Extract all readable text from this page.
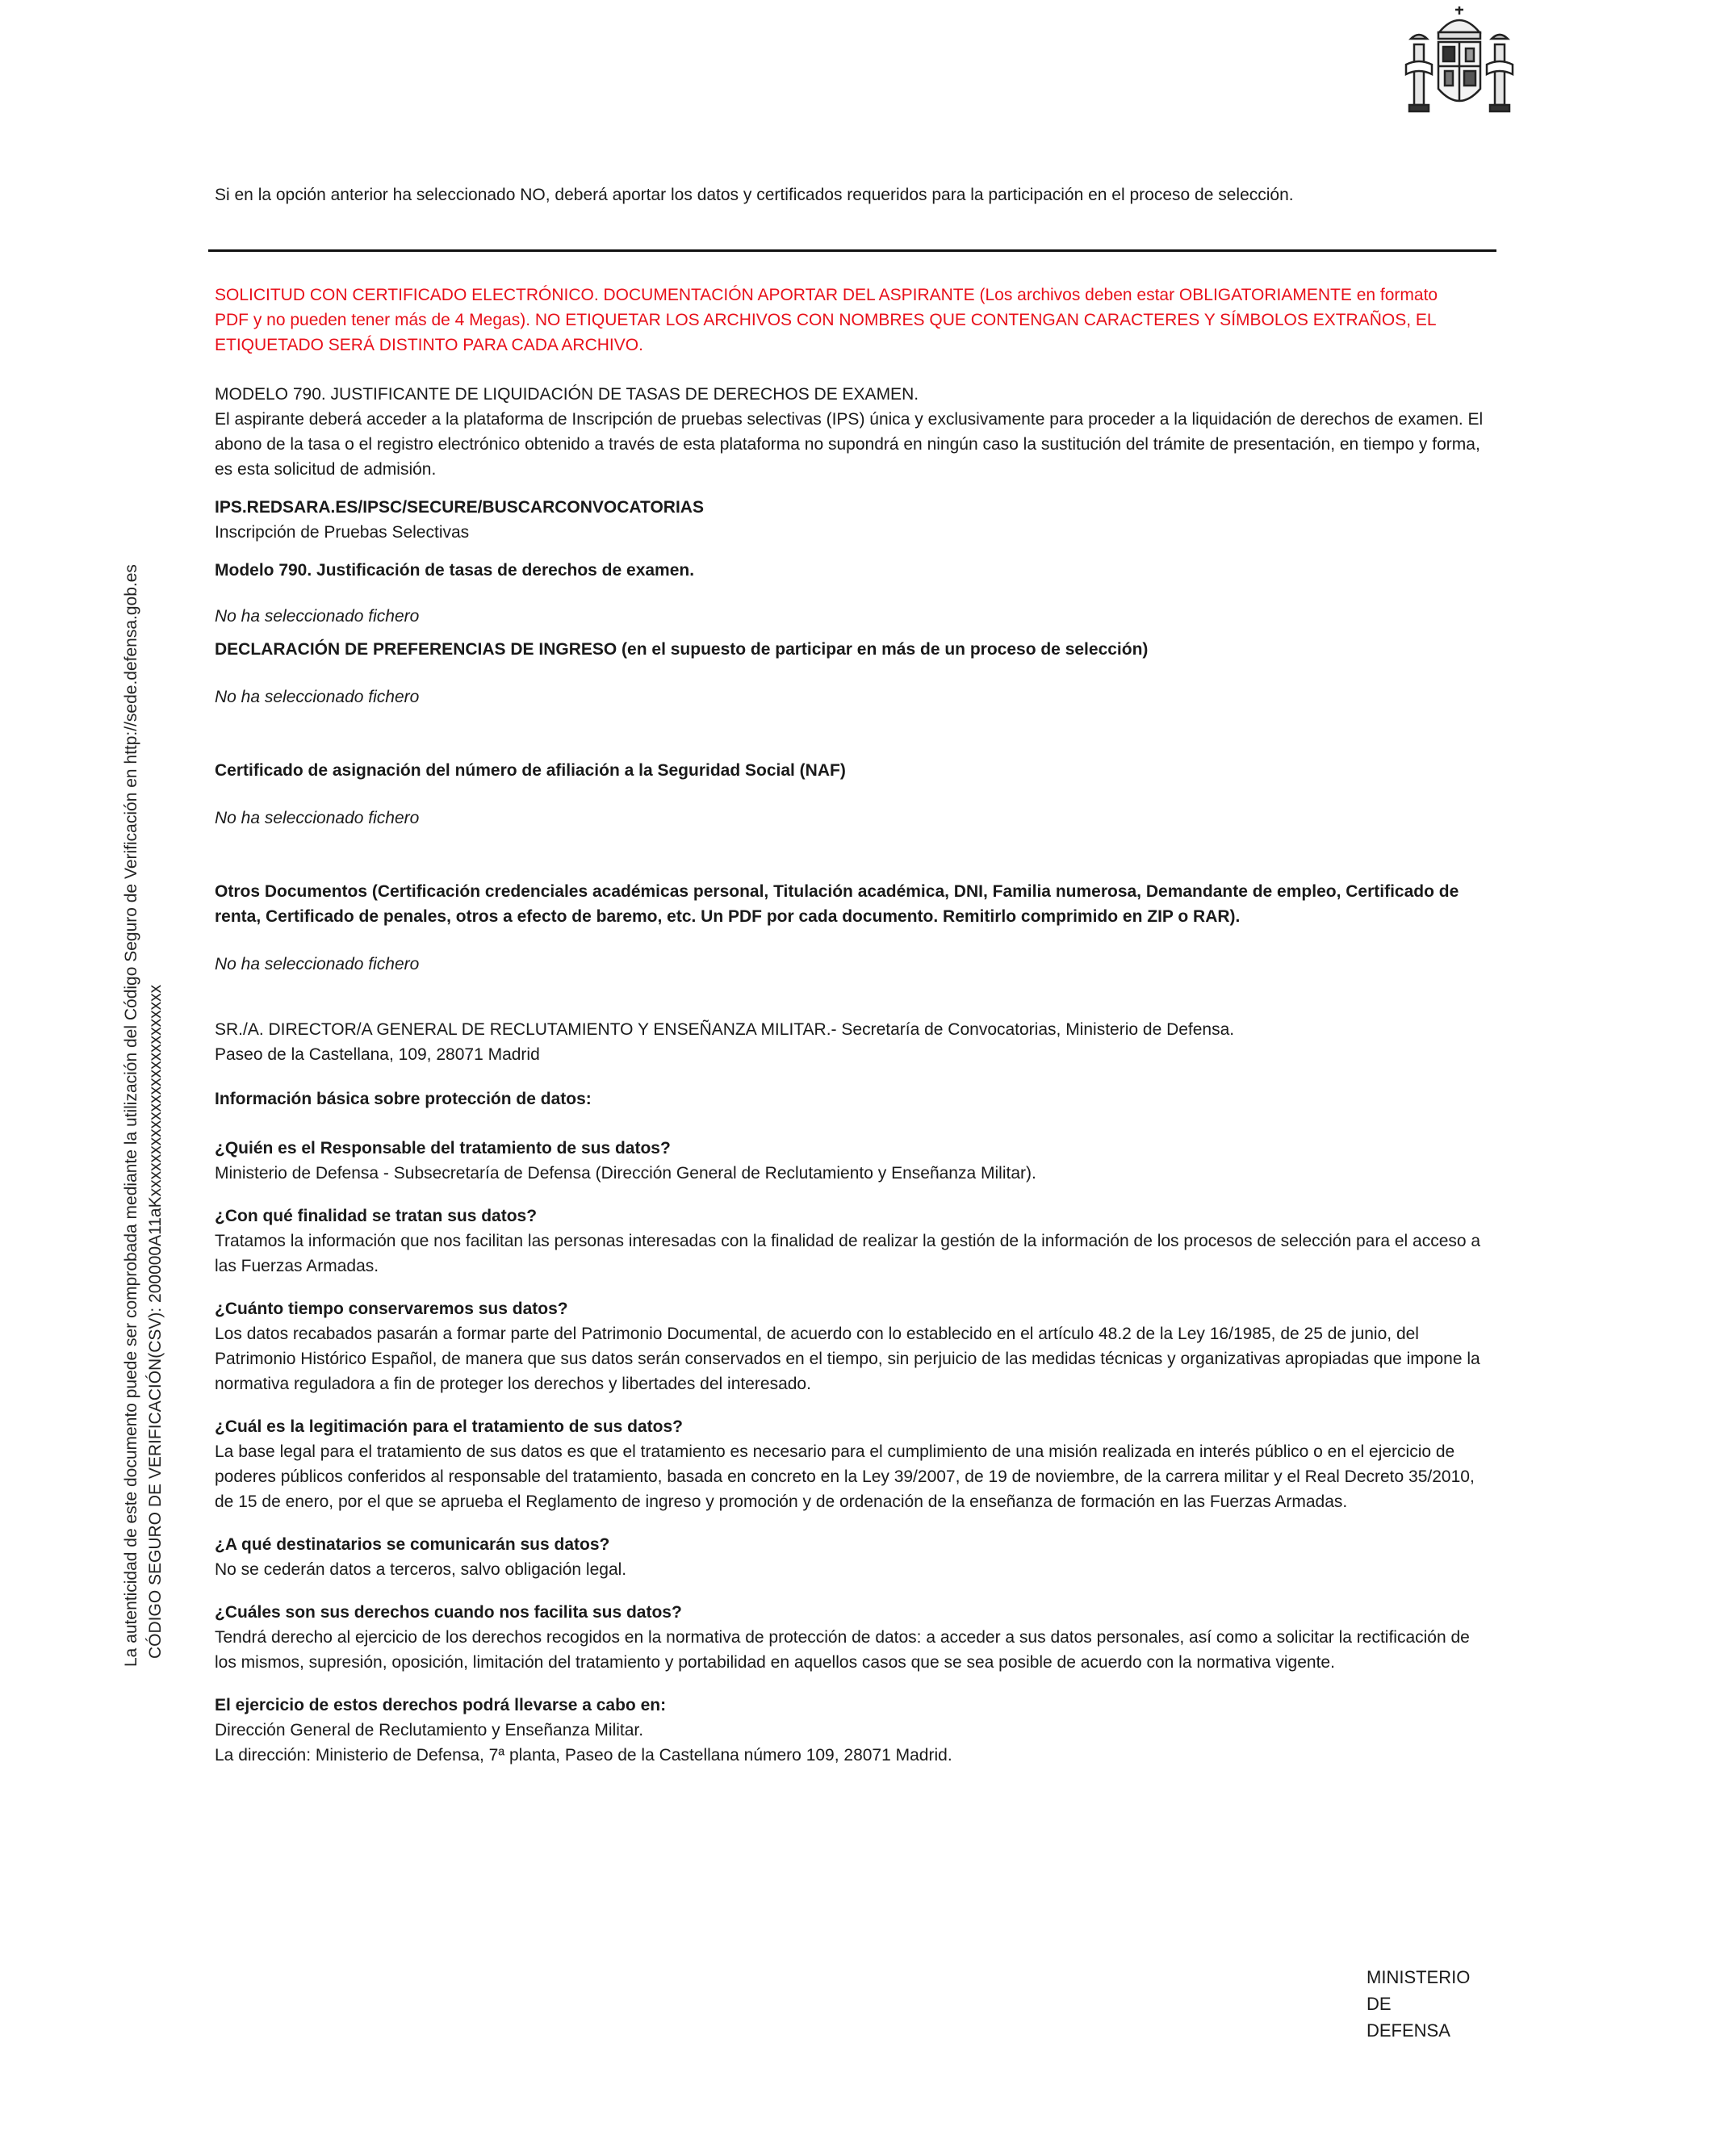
La autenticidad de este documento puede ser comprobada mediante la utilización del Código Seguro de Verificación en http://sede.defensa.gob.es CÓDIGO SEGURO DE VERIFICACIÓN(CSV): 200000A11aKxxxxxxxxxxxxxxxxxxxxxxxxx

Si en la opción anterior ha seleccionado NO, deberá aportar los datos y certificados requeridos para la participación en el proceso de selección.

SOLICITUD CON CERTIFICADO ELECTRÓNICO. DOCUMENTACIÓN APORTAR DEL ASPIRANTE (Los archivos deben estar OBLIGATORIAMENTE en formato PDF y no pueden tener más de 4 Megas). NO ETIQUETAR LOS ARCHIVOS CON NOMBRES QUE CONTENGAN CARACTERES Y SÍMBOLOS EXTRAÑOS, EL ETIQUETADO SERÁ DISTINTO PARA CADA ARCHIVO.

MODELO 790. JUSTIFICANTE DE LIQUIDACIÓN DE TASAS DE DERECHOS DE EXAMEN.

El aspirante deberá acceder a la plataforma de Inscripción de pruebas selectivas (IPS) única y exclusivamente para proceder a la liquidación de derechos de examen. El abono de la tasa o el registro electrónico obtenido a través de esta plataforma no supondrá en ningún caso la sustitución del trámite de presentación, en tiempo y forma, es esta solicitud de admisión.

IPS.REDSARA.ES/IPSC/SECURE/BUSCARCONVOCATORIAS

Inscripción de Pruebas Selectivas

Modelo 790. Justificación de tasas de derechos de examen.

No ha seleccionado fichero

DECLARACIÓN DE PREFERENCIAS DE INGRESO (en el supuesto de participar en más de un proceso de selección)

No ha seleccionado fichero

Certificado de asignación del número de afiliación a la Seguridad Social (NAF)

No ha seleccionado fichero

Otros Documentos (Certificación credenciales académicas personal, Titulación académica, DNI, Familia numerosa, Demandante de empleo, Certificado de renta, Certificado de penales, otros a efecto de baremo, etc. Un PDF por cada documento. Remitirlo comprimido en ZIP o RAR).

No ha seleccionado fichero

SR./A. DIRECTOR/A GENERAL DE RECLUTAMIENTO Y ENSEÑANZA MILITAR.- Secretaría de Convocatorias, Ministerio de Defensa.

Paseo de la Castellana, 109, 28071 Madrid

Información básica sobre protección de datos:

¿Quién es el Responsable del tratamiento de sus datos?

Ministerio de Defensa - Subsecretaría de Defensa (Dirección General de Reclutamiento y Enseñanza Militar).

¿Con qué finalidad se tratan sus datos?

Tratamos la información que nos facilitan las personas interesadas con la finalidad de realizar la gestión de la información de los procesos de selección para el acceso a las Fuerzas Armadas.

¿Cuánto tiempo conservaremos sus datos?

Los datos recabados pasarán a formar parte del Patrimonio Documental, de acuerdo con lo establecido en el artículo 48.2 de la Ley 16/1985, de 25 de junio, del Patrimonio Histórico Español, de manera que sus datos serán conservados en el tiempo, sin perjuicio de las medidas técnicas y organizativas apropiadas que impone la normativa reguladora a fin de proteger los derechos y libertades del interesado.

¿Cuál es la legitimación para el tratamiento de sus datos?

La base legal para el tratamiento de sus datos es que el tratamiento es necesario para el cumplimiento de una misión realizada en interés público o en el ejercicio de poderes públicos conferidos al responsable del tratamiento, basada en concreto en la Ley 39/2007, de 19 de noviembre, de la carrera militar y el Real Decreto 35/2010, de 15 de enero, por el que se aprueba el Reglamento de ingreso y promoción y de ordenación de la enseñanza de formación en las Fuerzas Armadas.

¿A qué destinatarios se comunicarán sus datos?

No se cederán datos a terceros, salvo obligación legal.

¿Cuáles son sus derechos cuando nos facilita sus datos?

Tendrá derecho al ejercicio de los derechos recogidos en la normativa de protección de datos: a acceder a sus datos personales, así como a solicitar la rectificación de los mismos, supresión, oposición, limitación del tratamiento y portabilidad en aquellos casos que se sea posible de acuerdo con la normativa vigente.

El ejercicio de estos derechos podrá llevarse a cabo en:

Dirección General de Reclutamiento y Enseñanza Militar.

La dirección: Ministerio de Defensa, 7ª planta, Paseo de la Castellana número 109, 28071 Madrid.

MINISTERIO
DE
DEFENSA
